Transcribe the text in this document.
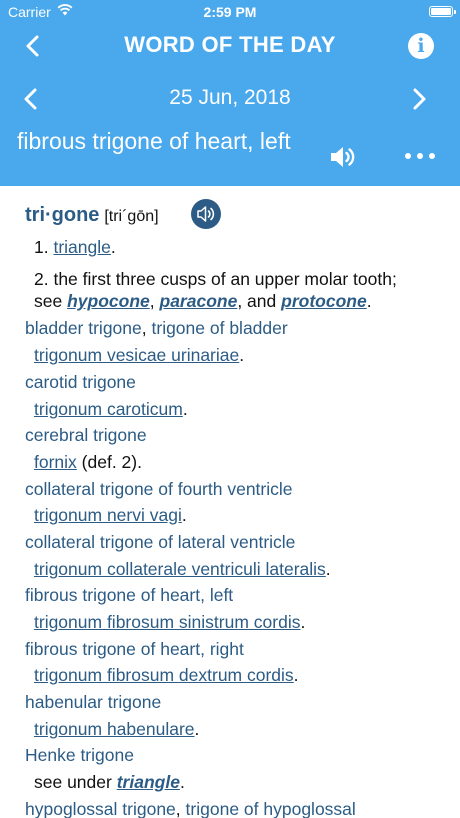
Carrier	2:59 PM
WORD OF THE DAY	i
25 Jun, 2018
fibrous trigone of heart, left
tri·gone [tri´gōn]
1. triangle.
2. the first three cusps of an upper molar tooth;
see hypocone, paracone, and protocone.
bladder trigone, trigone of bladder
trigonum vesicae urinariae.
carotid trigone
trigonum caroticum.
cerebral trigone
fornix (def. 2).
collateral trigone of fourth ventricle
trigonum nervi vagi.
collateral trigone of lateral ventricle
trigonum collaterale ventriculi lateralis.
fibrous trigone of heart, left
trigonum fibrosum sinistrum cordis.
fibrous trigone of heart, right
trigonum fibrosum dextrum cordis.
habenular trigone
trigonum habenulare.
Henke trigone
see under triangle.
hypoglossal trigone, trigone of hypoglossal
